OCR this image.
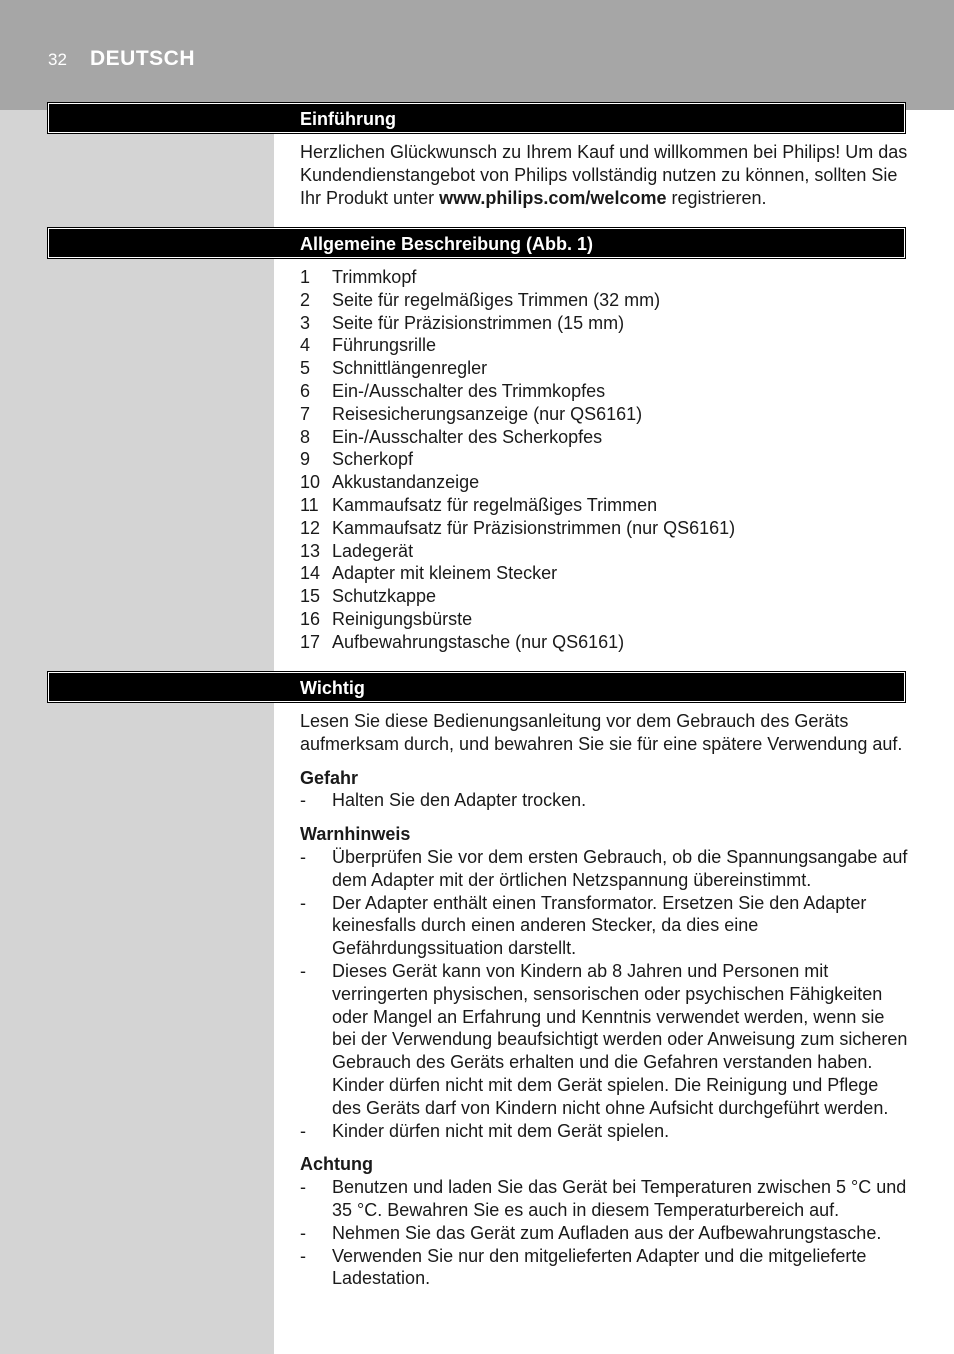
32 DEUTSCH
Einführung

Herzlichen Glückwunsch zu Ihrem Kauf und willkommen bei Philips! Um das Kundendienstangebot von Philips vollständig nutzen zu können, sollten Sie Ihr Produkt unter www.philips.com/welcome registrieren.

Allgemeine Beschreibung (Abb. 1)
1 Trimmkopf
2 Seite für regelmäßiges Trimmen (32 mm)
3 Seite für Präzisionstrimmen (15 mm)
4 Führungsrille
5 Schnittlängenregler
6 Ein-/Ausschalter des Trimmkopfes
7 Reisesicherungsanzeige (nur QS6161)
8 Ein-/Ausschalter des Scherkopfes
9 Scherkopf
10 Akkustandanzeige
11 Kammaufsatz für regelmäßiges Trimmen
12 Kammaufsatz für Präzisionstrimmen (nur QS6161)
13 Ladegerät
14 Adapter mit kleinem Stecker
15 Schutzkappe
16 Reinigungsbürste
17 Aufbewahrungstasche (nur QS6161)
Wichtig

Lesen Sie diese Bedienungsanleitung vor dem Gebrauch des Geräts aufmerksam durch, und bewahren Sie sie für eine spätere Verwendung auf.

Gefahr

- Halten Sie den Adapter trocken.

Warnhinweis

- Überprüfen Sie vor dem ersten Gebrauch, ob die Spannungsangabe auf dem Adapter mit der örtlichen Netzspannung übereinstimmt.
- Der Adapter enthält einen Transformator. Ersetzen Sie den Adapter keinesfalls durch einen anderen Stecker, da dies eine Gefährdungssituation darstellt.
- Dieses Gerät kann von Kindern ab 8 Jahren und Personen mit verringerten physischen, sensorischen oder psychischen Fähigkeiten oder Mangel an Erfahrung und Kenntnis verwendet werden, wenn sie bei der Verwendung beaufsichtigt werden oder Anweisung zum sicheren Gebrauch des Geräts erhalten und die Gefahren verstanden haben. Kinder dürfen nicht mit dem Gerät spielen. Die Reinigung und Pflege des Geräts darf von Kindern nicht ohne Aufsicht durchgeführt werden.
- Kinder dürfen nicht mit dem Gerät spielen.

Achtung

- Benutzen und laden Sie das Gerät bei Temperaturen zwischen 5 °C und 35 °C. Bewahren Sie es auch in diesem Temperaturbereich auf.
- Nehmen Sie das Gerät zum Aufladen aus der Aufbewahrungstasche.
- Verwenden Sie nur den mitgelieferten Adapter und die mitgelieferte Ladestation.
